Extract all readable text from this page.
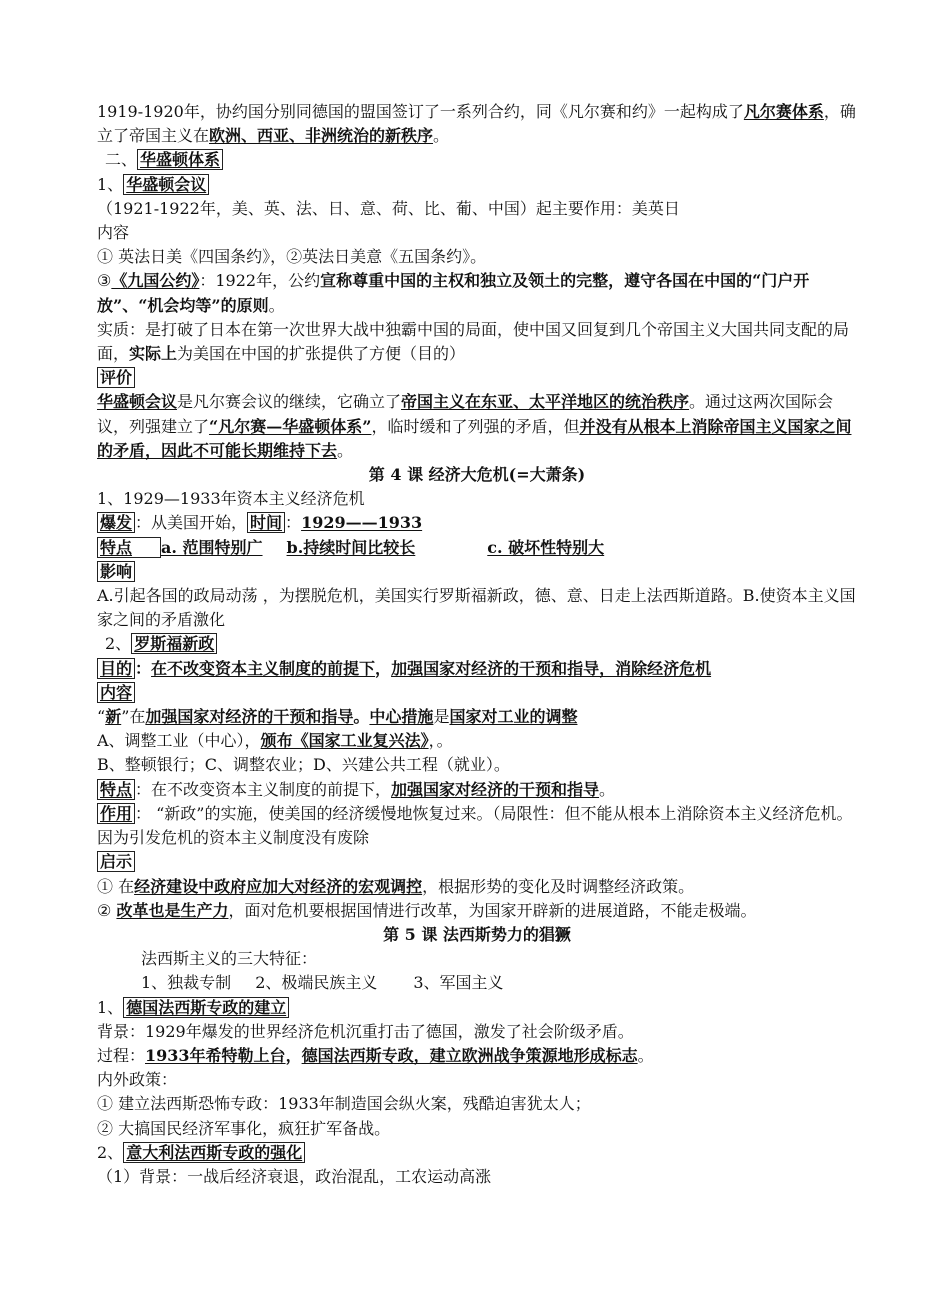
1919-1920年，协约国分别同德国的盟国签订了一系列合约，同《凡尔赛和约》一起构成了凡尔赛体系，确立了帝国主义在欧洲、西亚、非洲统治的新秩序。
二、 华盛顿体系
1、 华盛顿会议
（1921-1922年，美、英、法、日、意、荷、比、葡、中国）起主要作用：美英日
内容
① 英法日美《四国条约》，②英法日美意《五国条约》。
③《九国公约》：1922年，公约宣称尊重中国的主权和独立及领土的完整，遵守各国在中国的“门户开放”、“机会均等”的原则。
实质：是打破了日本在第一次世界大战中独霸中国的局面，使中国又回复到几个帝国主义大国共同支配的局面，实际上为美国在中国的扩张提供了方便（目的）
评价
华盛顿会议是凡尔赛会议的继续，它确立了帝国主义在东亚、太平洋地区的统治秩序。通过这两次国际会议，列强建立了“凡尔赛—华盛顿体系”，临时缓和了列强的矛盾，但并没有从根本上消除帝国主义国家之间的矛盾，因此不可能长期维持下去。
第 4 课 经济大危机(=大萧条)
1、1929—1933年资本主义经济危机
爆发 ：从美国开始， 时间 ：1929——1933
特点 a. 范围特别广 b.持续时间比较长	c. 破坏性特别大
影响
A.引起各国的政局动荡 ，为摆脱危机，美国实行罗斯福新政，德、意、日走上法西斯道路。B.使资本主义国家之间的矛盾激化
2、 罗斯福新政
目的 ：在不改变资本主义制度的前提下，加强国家对经济的干预和指导，消除经济危机
内容
“新”在加强国家对经济的干预和指导。中心措施是国家对工业的调整
A、调整工业（中心），颁布《国家工业复兴法》，。
B、整顿银行；C、调整农业；D、兴建公共工程（就业）。
特点 ：在不改变资本主义制度的前提下，加强国家对经济的干预和指导。
作用 ： “新政”的实施，使美国的经济缓慢地恢复过来。（局限性：但不能从根本上消除资本主义经济危机。因为引发危机的资本主义制度没有废除
启示
① 在经济建设中政府应加大对经济的宏观调控，根据形势的变化及时调整经济政策。
② 改革也是生产力，面对危机要根据国情进行改革，为国家开辟新的进展道路，不能走极端。
第 5 课 法西斯势力的猖獗
法西斯主义的三大特征：
1、独裁专制 2、极端民族主义 3、军国主义
1、 德国法西斯专政的建立
背景：1929年爆发的世界经济危机沉重打击了德国，激发了社会阶级矛盾。
过程：1933年希特勒上台，德国法西斯专政，建立欧洲战争策源地形成标志。
内外政策：
① 建立法西斯恐怖专政：1933年制造国会纵火案，残酷迫害犹太人；
② 大搞国民经济军事化，疯狂扩军备战。
2、 意大利法西斯专政的强化
（1）背景：一战后经济衰退，政治混乱，工农运动高涨
